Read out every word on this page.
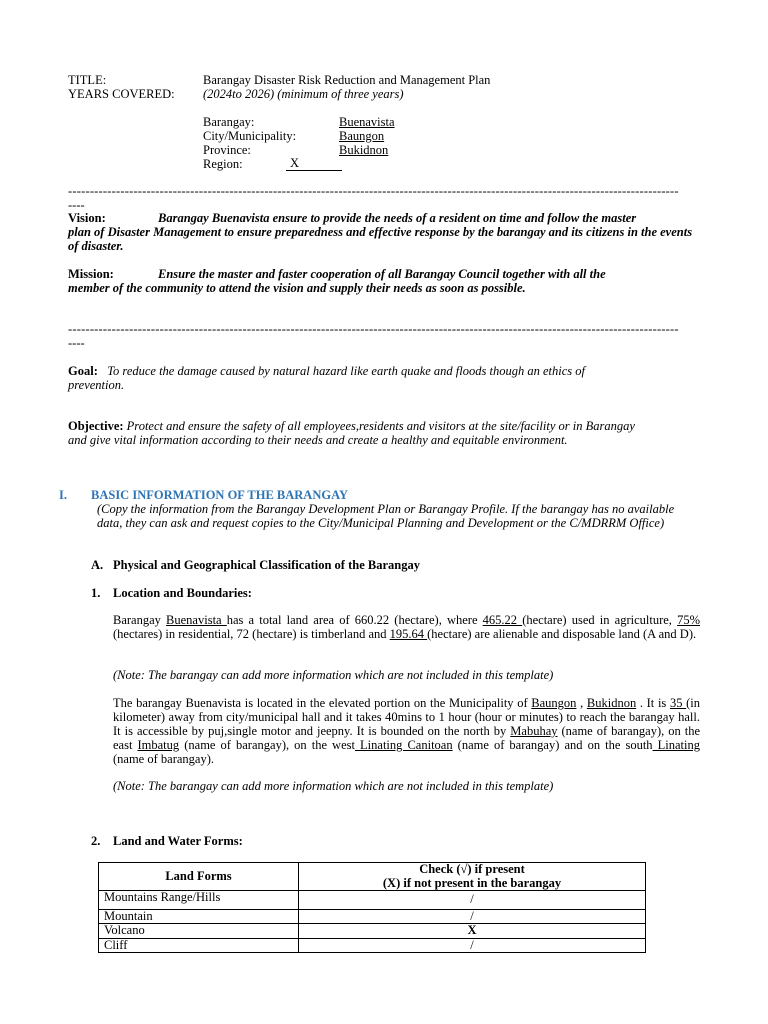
TITLE:	Barangay Disaster Risk Reduction and Management Plan
YEARS COVERED: (2024to 2026) (minimum of three years)
Barangay:	Buenavista
City/Municipality:	Baungon
Province:	Bukidnon
Region:	X
--------------------------------------------------------------------------------------------------------------------------------------------
----
Vision:	Barangay Buenavista ensure to provide the needs of a resident on time and follow the master
plan of Disaster Management to ensure preparedness and effective response by the barangay and its citizens in the events of disaster.
Mission:	Ensure the master and faster cooperation of all Barangay Council together with all the
member of the community to attend the vision and supply their needs as soon as possible.
--------------------------------------------------------------------------------------------------------------------------------------------
----
Goal: To reduce the damage caused by natural hazard like earth quake and floods though an ethics of
prevention.
Objective: Protect and ensure the safety of all employees,residents and visitors at the site/facility or in Barangay
and give vital information according to their needs and create a healthy and equitable environment.
I. BASIC INFORMATION OF THE BARANGAY
(Copy the information from the Barangay Development Plan or Barangay Profile. If the barangay has no available data, they can ask and request copies to the City/Municipal Planning and Development or the C/MDRRM Office)
A. Physical and Geographical Classification of the Barangay
1. Location and Boundaries:
Barangay Buenavista has a total land area of 660.22 (hectare), where 465.22 (hectare) used in agriculture, 75% (hectares) in residential, 72 (hectare) is timberland and 195.64 (hectare) are alienable and disposable land (A and D).
(Note: The barangay can add more information which are not included in this template)
The barangay Buenavista is located in the elevated portion on the Municipality of Baungon , Bukidnon . It is 35 (in kilometer) away from city/municipal hall and it takes 40mins to 1 hour (hour or minutes) to reach the barangay hall. It is accessible by puj,single motor and jeepny. It is bounded on the north by Mabuhay (name of barangay), on the east Imbatug (name of barangay), on the west Linating Canitoan (name of barangay) and on the south Linating (name of barangay).
(Note: The barangay can add more information which are not included in this template)
2. Land and Water Forms:
Land Forms	Check (√) if present
(X) if not present in the barangay

Mountains Range/Hills	/
Mountain	/
Volcano	X
Cliff	/
